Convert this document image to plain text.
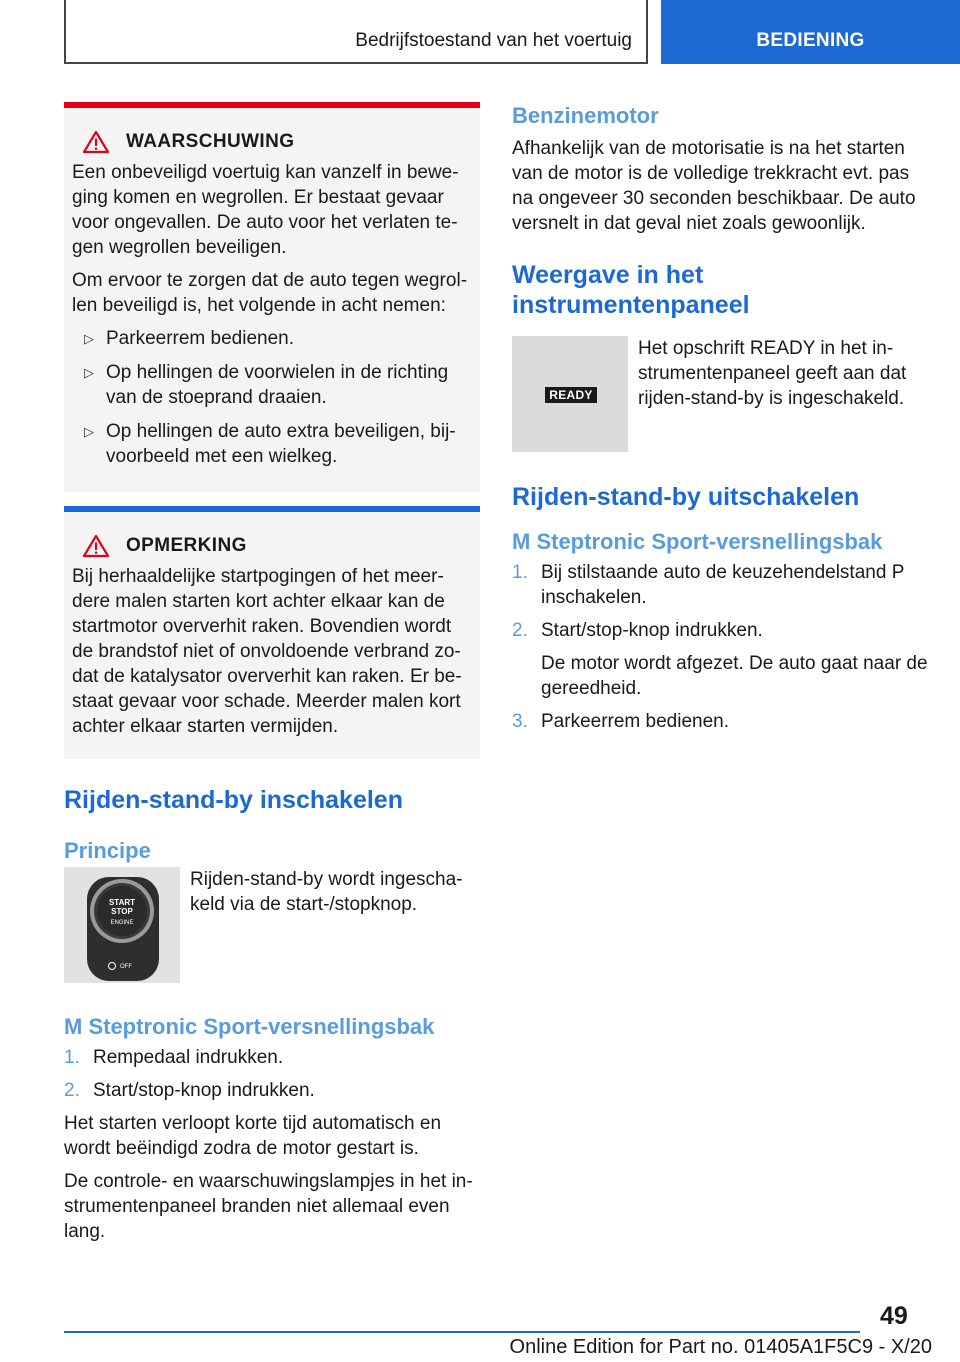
Bedrijfstoestand van het voertuig	BEDIENING
WAARSCHUWING

Een onbeveiligd voertuig kan vanzelf in beweging komen en wegrollen. Er bestaat gevaar voor ongevallen. De auto voor het verlaten tegen wegrollen beveiligen.

Om ervoor te zorgen dat de auto tegen wegrollen beveiligd is, het volgende in acht nemen:

▷ Parkeerrem bedienen.
▷ Op hellingen de voorwielen in de richting van de stoeprand draaien.
▷ Op hellingen de auto extra beveiligen, bijvoorbeeld met een wielkeg.
OPMERKING

Bij herhaaldelijke startpogingen of het meerdere malen starten kort achter elkaar kan de startmotor oververhit raken. Bovendien wordt de brandstof niet of onvoldoende verbrand zodat de katalysator oververhit kan raken. Er bestaat gevaar voor schade. Meerder malen kort achter elkaar starten vermijden.

Rijden-stand-by inschakelen
Principe
START
STOP
ENGINE
OFF

Rijden-stand-by wordt ingeschakeld via de start-/stopknop.

M Steptronic Sport-versnellingsbak
1. Rempedaal indrukken.
2. Start/stop-knop indrukken.

Het starten verloopt korte tijd automatisch en wordt beëindigd zodra de motor gestart is.

De controle- en waarschuwingslampjes in het instrumentenpaneel branden niet allemaal even lang.

Benzinemotor

Afhankelijk van de motorisatie is na het starten van de motor is de volledige trekkracht evt. pas na ongeveer 30 seconden beschikbaar. De auto versnelt in dat geval niet zoals gewoonlijk.

Weergave in het
instrumentenpaneel
READY

Het opschrift READY in het instrumentenpaneel geeft aan dat rijden-stand-by is ingeschakeld.

Rijden-stand-by uitschakelen
M Steptronic Sport-versnellingsbak
1. Bij stilstaande auto de keuzehendelstand P inschakelen.
2. Start/stop-knop indrukken.

De motor wordt afgezet. De auto gaat naar de gereedheid.

3. Parkeerrem bedienen.
49
Online Edition for Part no. 01405A1F5C9 - X/20
